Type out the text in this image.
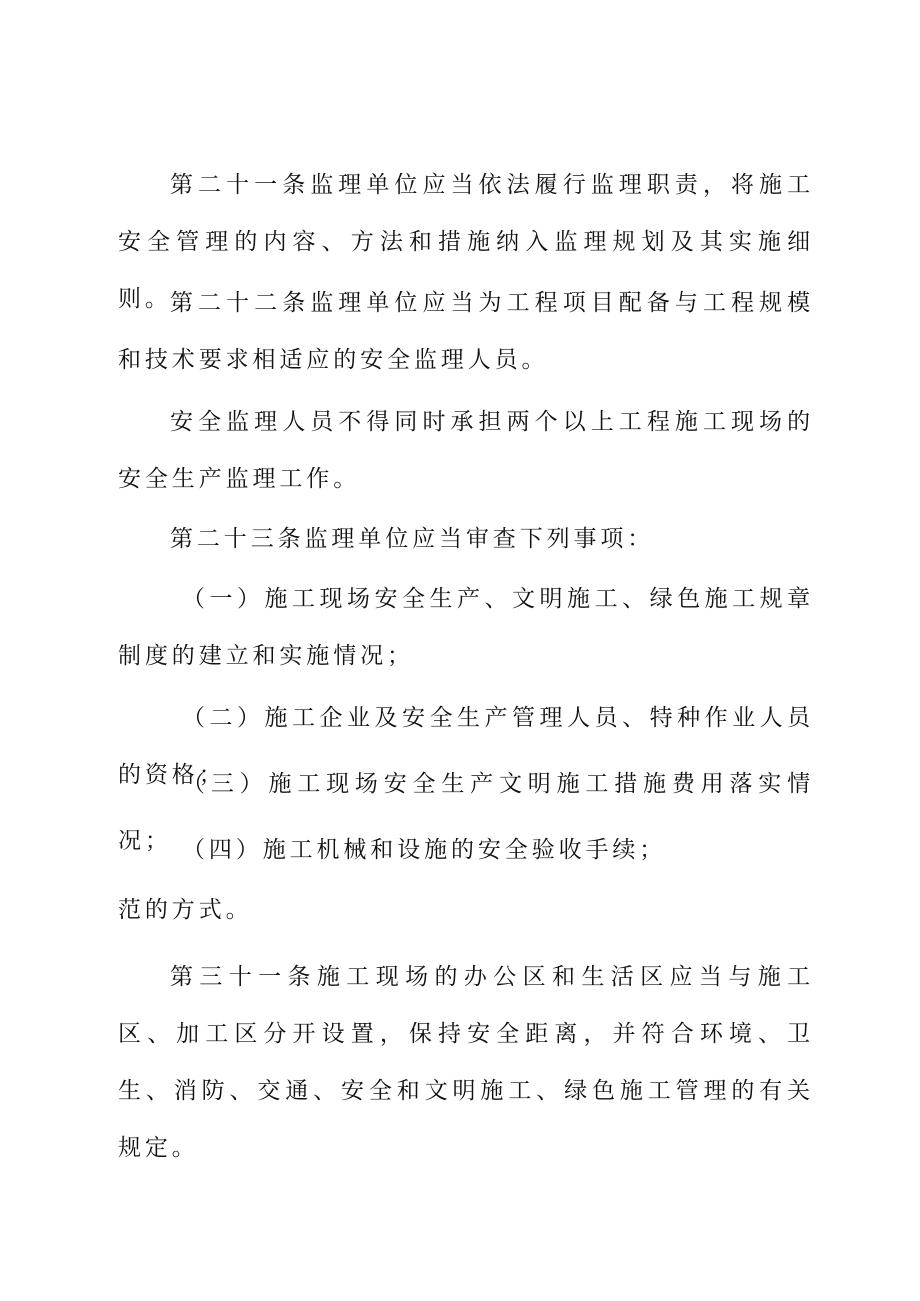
第二十一条监理单位应当依法履行监理职责，将施工安全管理的内容、方法和措施纳入监理规划及其实施细则。

第二十二条监理单位应当为工程项目配备与工程规模和技术要求相适应的安全监理人员。

安全监理人员不得同时承担两个以上工程施工现场的安全生产监理工作。

第二十三条监理单位应当审查下列事项：

（一）施工现场安全生产、文明施工、绿色施工规章制度的建立和实施情况；

（二）施工企业及安全生产管理人员、特种作业人员的资格；

（三）施工现场安全生产文明施工措施费用落实情况； （四）施工机械和设施的安全验收手续；

范的方式。

第三十一条施工现场的办公区和生活区应当与施工区、加工区分开设置，保持安全距离，并符合环境、卫生、消防、交通、安全和文明施工、绿色施工管理的有关规定。
